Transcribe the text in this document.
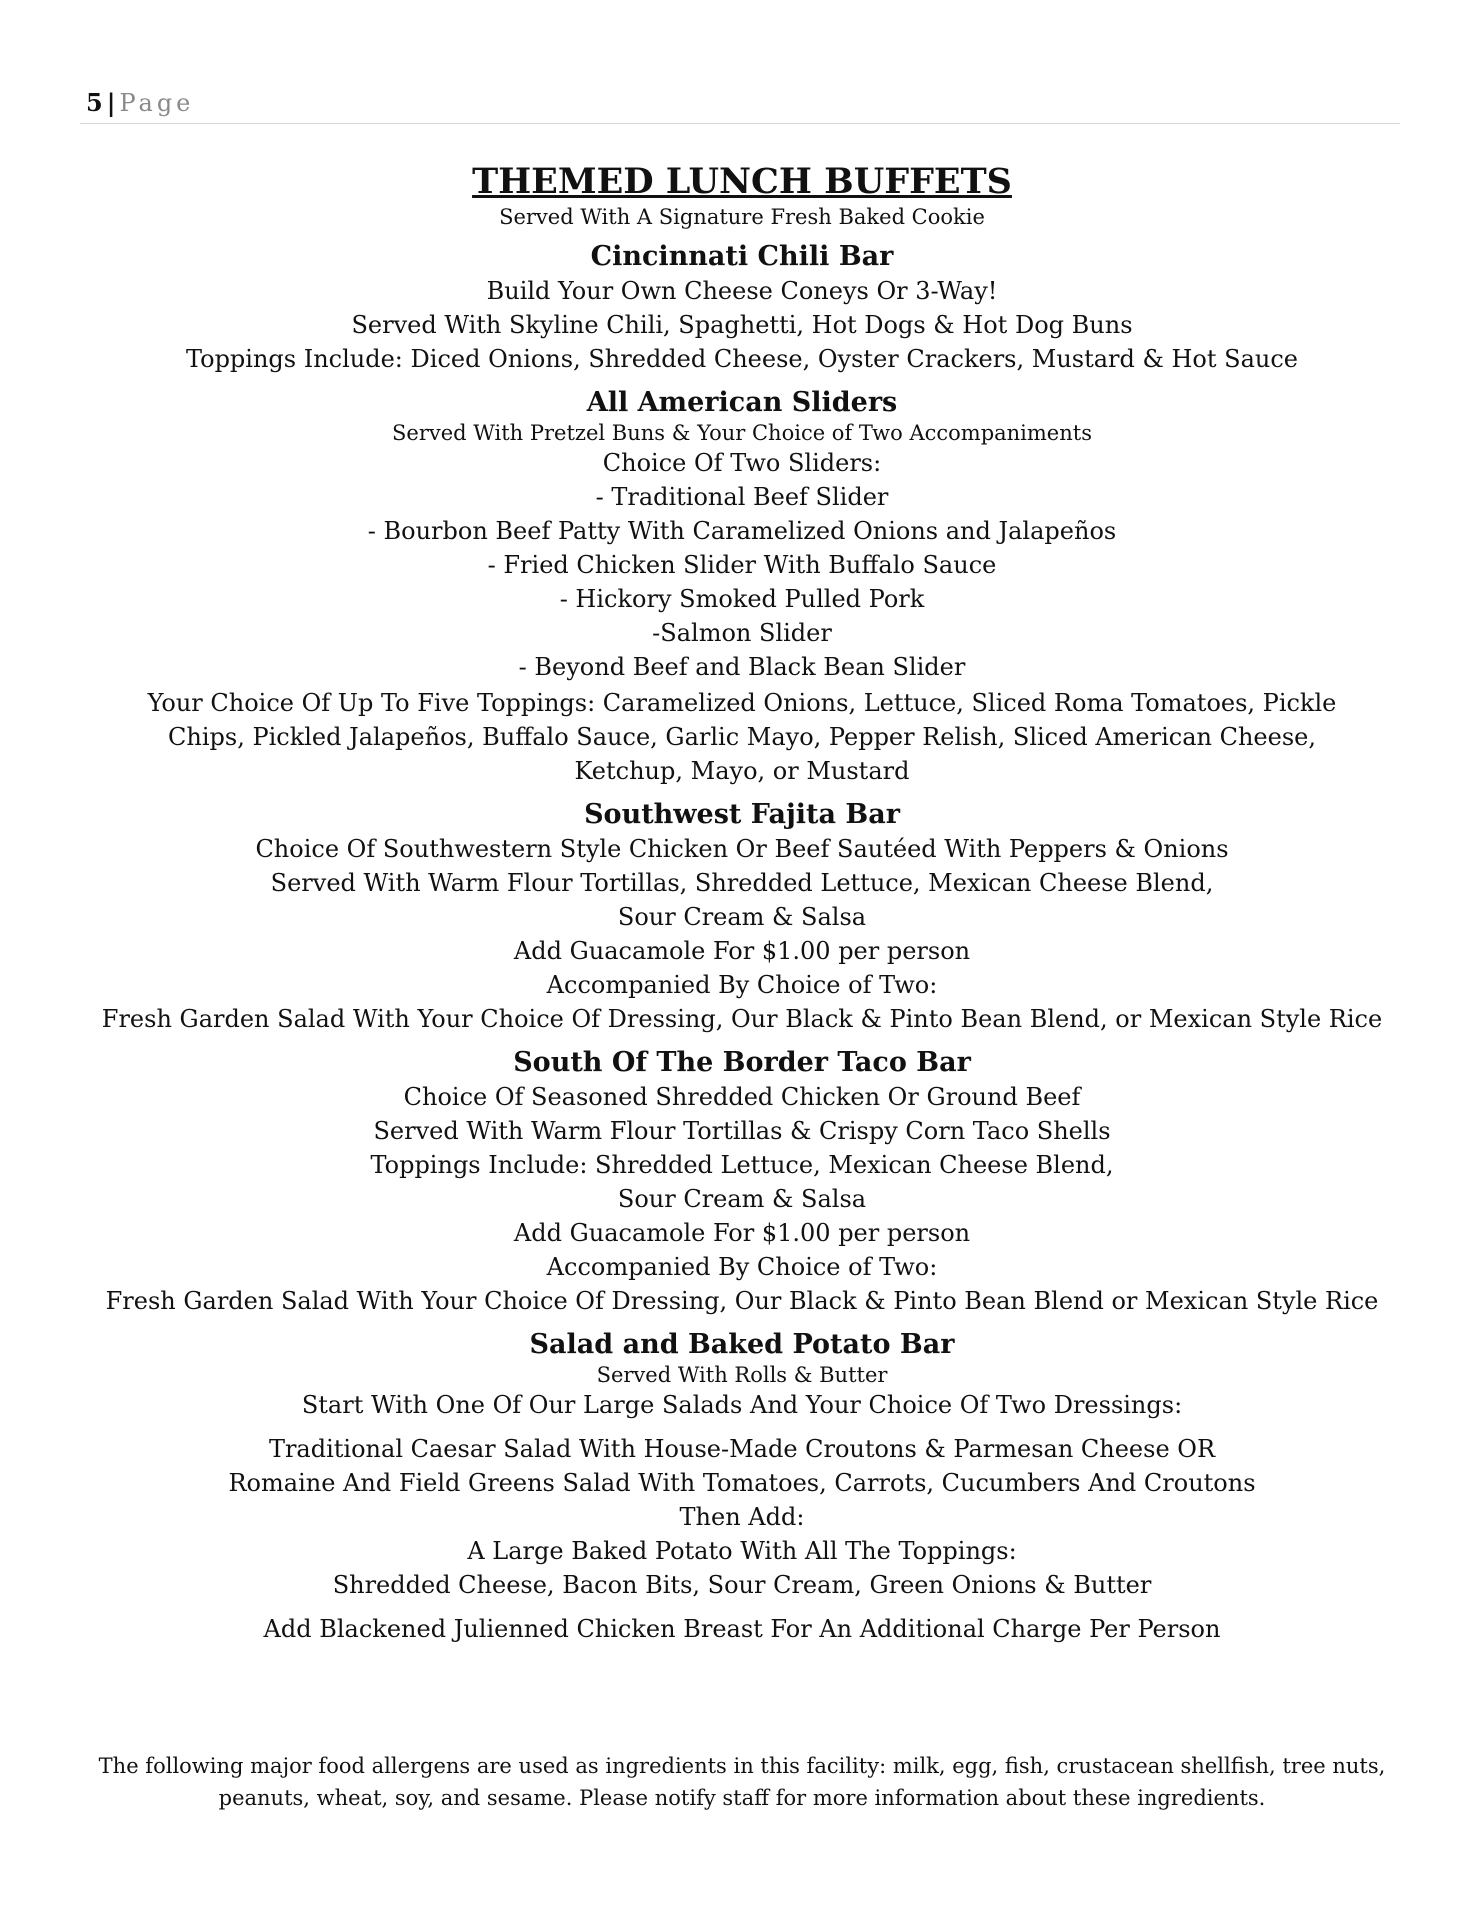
5 | Page
THEMED LUNCH BUFFETS
Served With A Signature Fresh Baked Cookie
Cincinnati Chili Bar
Build Your Own Cheese Coneys Or 3-Way!
Served With Skyline Chili, Spaghetti, Hot Dogs & Hot Dog Buns
Toppings Include: Diced Onions, Shredded Cheese, Oyster Crackers, Mustard & Hot Sauce
All American Sliders
Served With Pretzel Buns & Your Choice of Two Accompaniments
Choice Of Two Sliders:
- Traditional Beef Slider
- Bourbon Beef Patty With Caramelized Onions and Jalapeños
- Fried Chicken Slider With Buffalo Sauce
- Hickory Smoked Pulled Pork
-Salmon Slider
- Beyond Beef and Black Bean Slider
Your Choice Of Up To Five Toppings: Caramelized Onions, Lettuce, Sliced Roma Tomatoes, Pickle Chips, Pickled Jalapeños, Buffalo Sauce, Garlic Mayo, Pepper Relish, Sliced American Cheese, Ketchup, Mayo, or Mustard
Southwest Fajita Bar
Choice Of Southwestern Style Chicken Or Beef Sautéed With Peppers & Onions
Served With Warm Flour Tortillas, Shredded Lettuce, Mexican Cheese Blend,
Sour Cream & Salsa
Add Guacamole For $1.00 per person
Accompanied By Choice of Two:
Fresh Garden Salad With Your Choice Of Dressing, Our Black & Pinto Bean Blend, or Mexican Style Rice
South Of The Border Taco Bar
Choice Of Seasoned Shredded Chicken Or Ground Beef
Served With Warm Flour Tortillas & Crispy Corn Taco Shells
Toppings Include: Shredded Lettuce, Mexican Cheese Blend,
Sour Cream & Salsa
Add Guacamole For $1.00 per person
Accompanied By Choice of Two:
Fresh Garden Salad With Your Choice Of Dressing, Our Black & Pinto Bean Blend or Mexican Style Rice
Salad and Baked Potato Bar
Served With Rolls & Butter
Start With One Of Our Large Salads And Your Choice Of Two Dressings:
Traditional Caesar Salad With House-Made Croutons & Parmesan Cheese OR
Romaine And Field Greens Salad With Tomatoes, Carrots, Cucumbers And Croutons
Then Add:
A Large Baked Potato With All The Toppings:
Shredded Cheese, Bacon Bits, Sour Cream, Green Onions & Butter
Add Blackened Julienned Chicken Breast For An Additional Charge Per Person
The following major food allergens are used as ingredients in this facility: milk, egg, fish, crustacean shellfish, tree nuts, peanuts, wheat, soy, and sesame. Please notify staff for more information about these ingredients.
